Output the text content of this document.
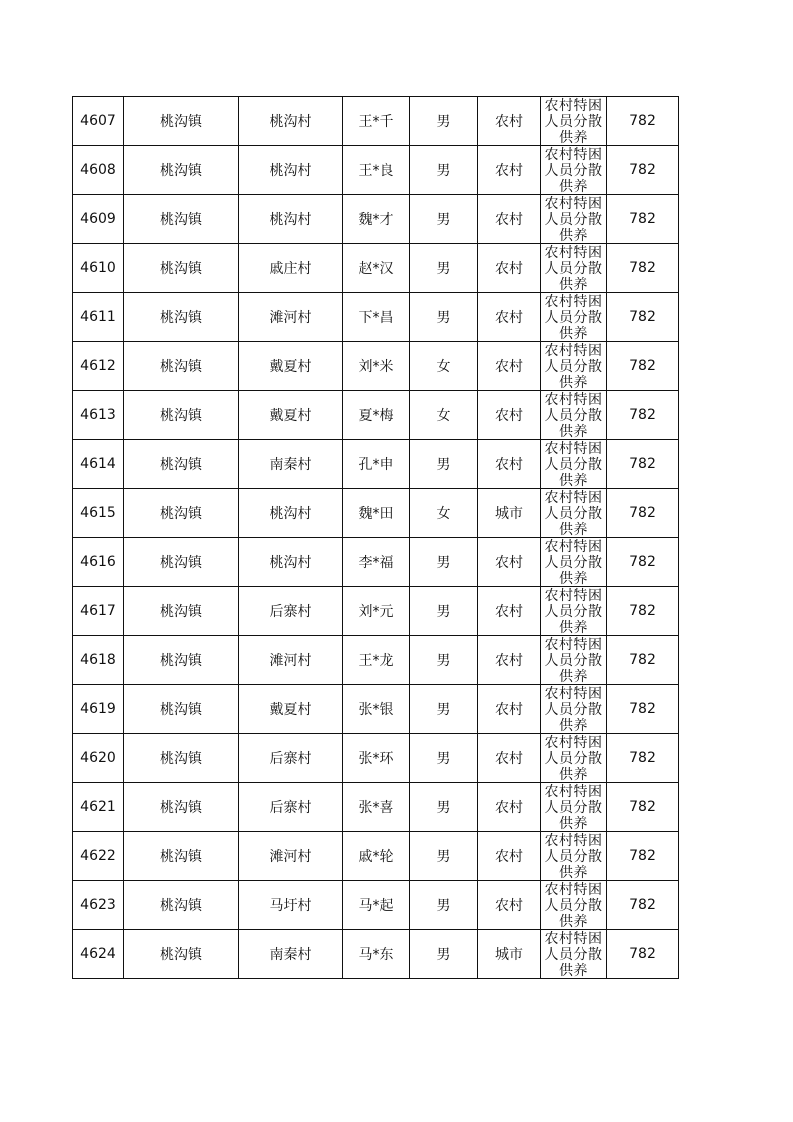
4607	桃沟镇	桃沟村	王*千	男	农村	农村特困人员分散供养	782
4608	桃沟镇	桃沟村	王*良	男	农村	农村特困人员分散供养	782
4609	桃沟镇	桃沟村	魏*才	男	农村	农村特困人员分散供养	782
4610	桃沟镇	戚庄村	赵*汉	男	农村	农村特困人员分散供养	782
4611	桃沟镇	滩河村	下*昌	男	农村	农村特困人员分散供养	782
4612	桃沟镇	戴夏村	刘*米	女	农村	农村特困人员分散供养	782
4613	桃沟镇	戴夏村	夏*梅	女	农村	农村特困人员分散供养	782
4614	桃沟镇	南秦村	孔*申	男	农村	农村特困人员分散供养	782
4615	桃沟镇	桃沟村	魏*田	女	城市	农村特困人员分散供养	782
4616	桃沟镇	桃沟村	李*福	男	农村	农村特困人员分散供养	782
4617	桃沟镇	后寨村	刘*元	男	农村	农村特困人员分散供养	782
4618	桃沟镇	滩河村	王*龙	男	农村	农村特困人员分散供养	782
4619	桃沟镇	戴夏村	张*银	男	农村	农村特困人员分散供养	782
4620	桃沟镇	后寨村	张*环	男	农村	农村特困人员分散供养	782
4621	桃沟镇	后寨村	张*喜	男	农村	农村特困人员分散供养	782
4622	桃沟镇	滩河村	戚*轮	男	农村	农村特困人员分散供养	782
4623	桃沟镇	马圩村	马*起	男	农村	农村特困人员分散供养	782
4624	桃沟镇	南秦村	马*东	男	城市	农村特困人员分散供养	782
